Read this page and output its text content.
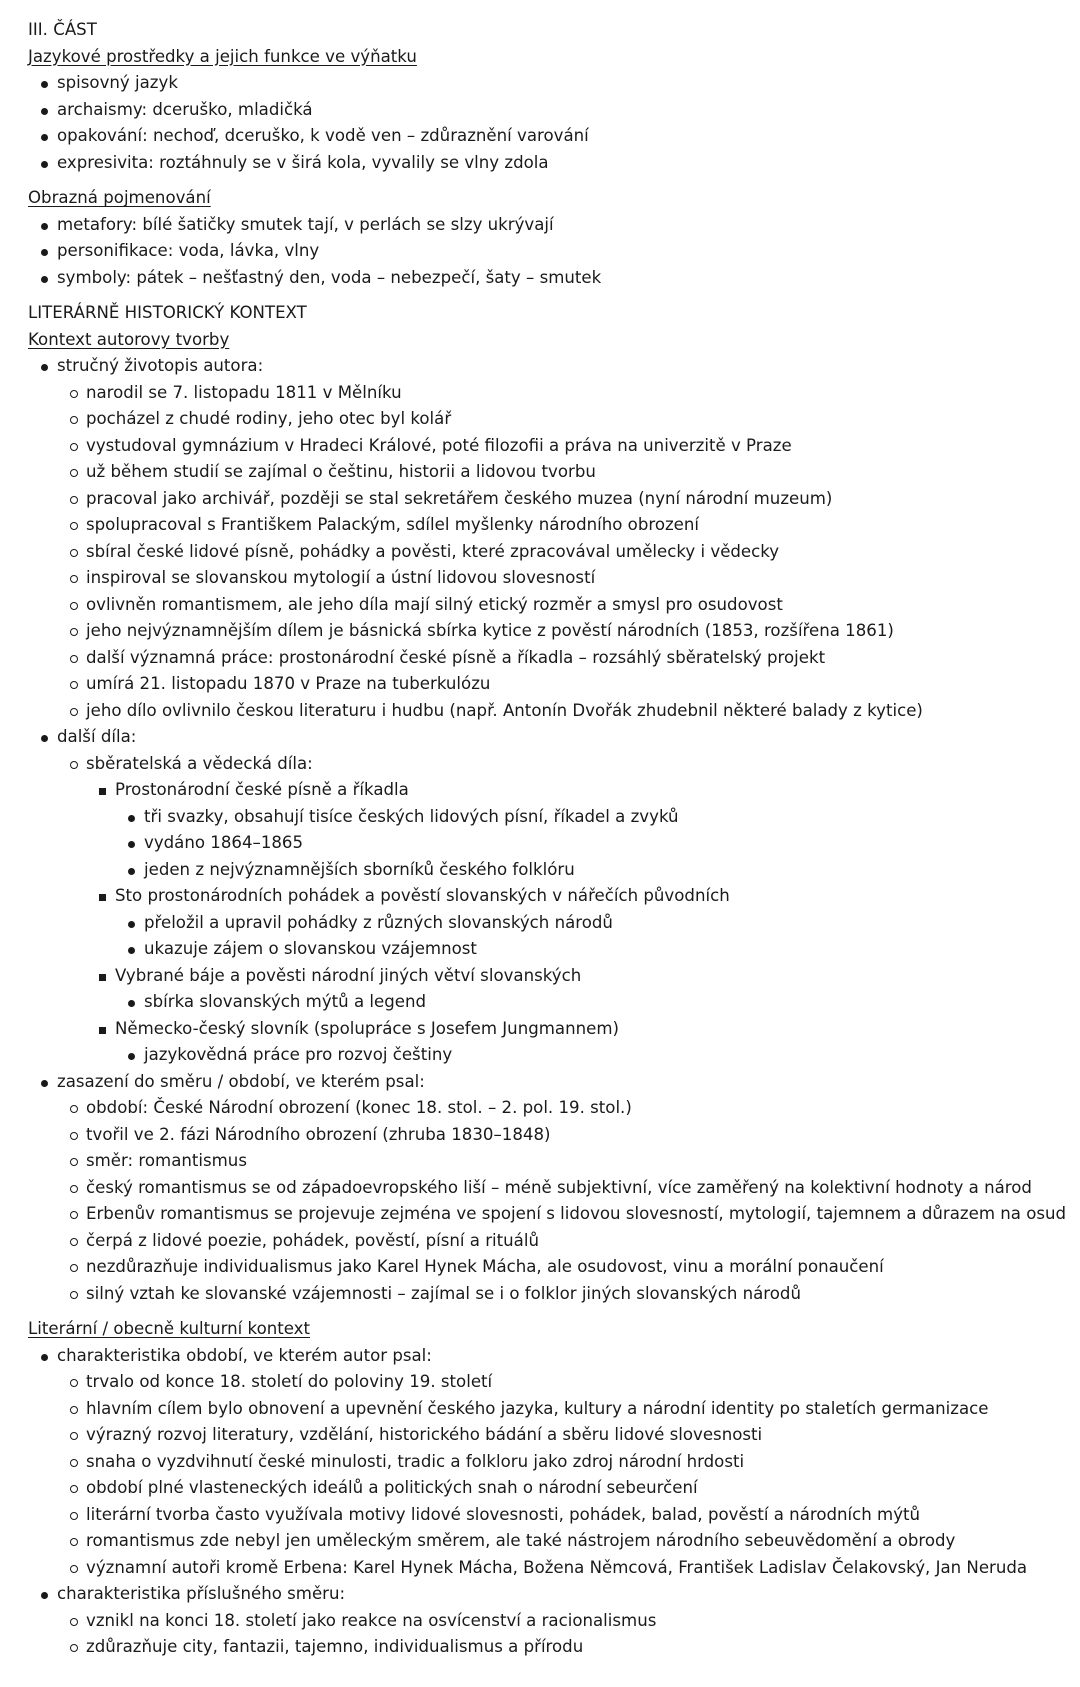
III. ČÁST

Jazykové prostředky a jejich funkce ve výňatku

spisovný jazyk
archaismy: dceruško, mladičká
opakování: nechoď, dceruško, k vodě ven – zdůraznění varování
expresivita: roztáhnuly se v širá kola, vyvalily se vlny zdola

Obrazná pojmenování

metafory: bílé šatičky smutek tají, v perlách se slzy ukrývají
personifikace: voda, lávka, vlny
symboly: pátek – nešťastný den, voda – nebezpečí, šaty – smutek

LITERÁRNĚ HISTORICKÝ KONTEXT

Kontext autorovy tvorby

stručný životopis autora:
narodil se 7. listopadu 1811 v Mělníku
pocházel z chudé rodiny, jeho otec byl kolář
vystudoval gymnázium v Hradeci Králové, poté filozofii a práva na univerzitě v Praze
už během studií se zajímal o češtinu, historii a lidovou tvorbu
pracoval jako archivář, později se stal sekretářem českého muzea (nyní národní muzeum)
spolupracoval s Františkem Palackým, sdílel myšlenky národního obrození
sbíral české lidové písně, pohádky a pověsti, které zpracovával umělecky i vědecky
inspiroval se slovanskou mytologií a ústní lidovou slovesností
ovlivněn romantismem, ale jeho díla mají silný etický rozměr a smysl pro osudovost
jeho nejvýznamnějším dílem je básnická sbírka kytice z pověstí národních (1853, rozšířena 1861)
další významná práce: prostonárodní české písně a říkadla – rozsáhlý sběratelský projekt
umírá 21. listopadu 1870 v Praze na tuberkulózu
jeho dílo ovlivnilo českou literaturu i hudbu (např. Antonín Dvořák zhudebnil některé balady z kytice)
další díla:
sběratelská a vědecká díla:
Prostonárodní české písně a říkadla
tři svazky, obsahují tisíce českých lidových písní, říkadel a zvyků
vydáno 1864–1865
jeden z nejvýznamnějších sborníků českého folklóru
Sto prostonárodních pohádek a pověstí slovanských v nářečích původních
přeložil a upravil pohádky z různých slovanských národů
ukazuje zájem o slovanskou vzájemnost
Vybrané báje a pověsti národní jiných větví slovanských
sbírka slovanských mýtů a legend
Německo-český slovník (spolupráce s Josefem Jungmannem)
jazykovědná práce pro rozvoj češtiny
zasazení do směru / období, ve kterém psal:
období: České Národní obrození (konec 18. stol. – 2. pol. 19. stol.)
tvořil ve 2. fázi Národního obrození (zhruba 1830–1848)
směr: romantismus
český romantismus se od západoevropského liší – méně subjektivní, více zaměřený na kolektivní hodnoty a národ
Erbenův romantismus se projevuje zejména ve spojení s lidovou slovesností, mytologií, tajemnem a důrazem na osud
čerpá z lidové poezie, pohádek, pověstí, písní a rituálů
nezdůrazňuje individualismus jako Karel Hynek Mácha, ale osudovost, vinu a morální ponaučení
silný vztah ke slovanské vzájemnosti – zajímal se i o folklor jiných slovanských národů

Literární / obecně kulturní kontext

charakteristika období, ve kterém autor psal:
trvalo od konce 18. století do poloviny 19. století
hlavním cílem bylo obnovení a upevnění českého jazyka, kultury a národní identity po staletích germanizace
výrazný rozvoj literatury, vzdělání, historického bádání a sběru lidové slovesnosti
snaha o vyzdvihnutí české minulosti, tradic a folkloru jako zdroj národní hrdosti
období plné vlasteneckých ideálů a politických snah o národní sebeurčení
literární tvorba často využívala motivy lidové slovesnosti, pohádek, balad, pověstí a národních mýtů
romantismus zde nebyl jen uměleckým směrem, ale také nástrojem národního sebeuvědomění a obrody
významní autoři kromě Erbena: Karel Hynek Mácha, Božena Němcová, František Ladislav Čelakovský, Jan Neruda
charakteristika příslušného směru:
vznikl na konci 18. století jako reakce na osvícenství a racionalismus
zdůrazňuje city, fantazii, tajemno, individualismus a přírodu
